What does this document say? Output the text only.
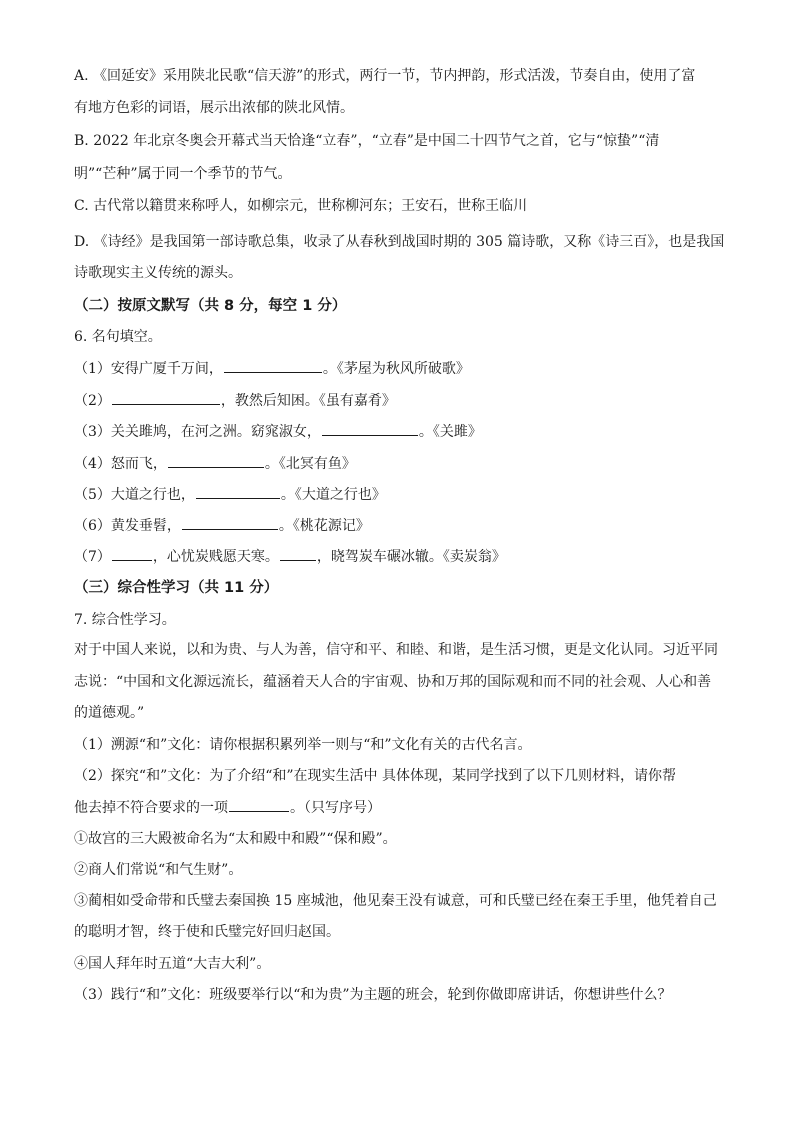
A. 《回延安》采用陕北民歌“信天游”的形式，两行一节，节内押韵，形式活泼，节奏自由，使用了富
有地方色彩的词语，展示出浓郁的陕北风情。
B. 2022 年北京冬奥会开幕式当天恰逢“立春”，“立春”是中国二十四节气之首，它与“惊蛰”“清
明”“芒种”属于同一个季节的节气。
C. 古代常以籍贯来称呼人，如柳宗元，世称柳河东；王安石，世称王临川
D. 《诗经》是我国第一部诗歌总集，收录了从春秋到战国时期的 305 篇诗歌，又称《诗三百》，也是我国
诗歌现实主义传统的源头。
（二）按原文默写（共 8 分，每空 1 分）
6. 名句填空。
（1）安得广厦千万间，	。《茅屋为秋风所破歌》
（2）	，教然后知困。《虽有嘉肴》
（3）关关雎鸠，在河之洲。窈窕淑女，	。《关雎》
（4）怒而飞，	。《北冥有鱼》
（5）大道之行也，	。《大道之行也》
（6）黄发垂髫，	。《桃花源记》
（7）	，心忧炭贱愿天寒。	，晓驾炭车碾冰辙。《卖炭翁》
（三）综合性学习（共 11 分）
7. 综合性学习。
对于中国人来说，以和为贵、与人为善，信守和平、和睦、和谐，是生活习惯，更是文化认同。习近平同
志说：“中国和文化源远流长，蕴涵着天人合的宇宙观、协和万邦的国际观和而不同的社会观、人心和善
的道德观。”
（1）溯源“和”文化：请你根据积累列举一则与“和”文化有关的古代名言。
（2）探究“和”文化：为了介绍“和”在现实生活中 具体体现，某同学找到了以下几则材料，请你帮
他去掉不符合要求的一项	。（只写序号）
①故宫的三大殿被命名为“太和殿中和殿”“保和殿”。
②商人们常说“和气生财”。
③蔺相如受命带和氏璧去秦国换 15 座城池，他见秦王没有诚意，可和氏璧已经在秦王手里，他凭着自己
的聪明才智，终于使和氏璧完好回归赵国。
④国人拜年时五道“大吉大利”。
（3）践行“和”文化：班级要举行以“和为贵”为主题的班会，轮到你做即席讲话，你想讲些什么？
